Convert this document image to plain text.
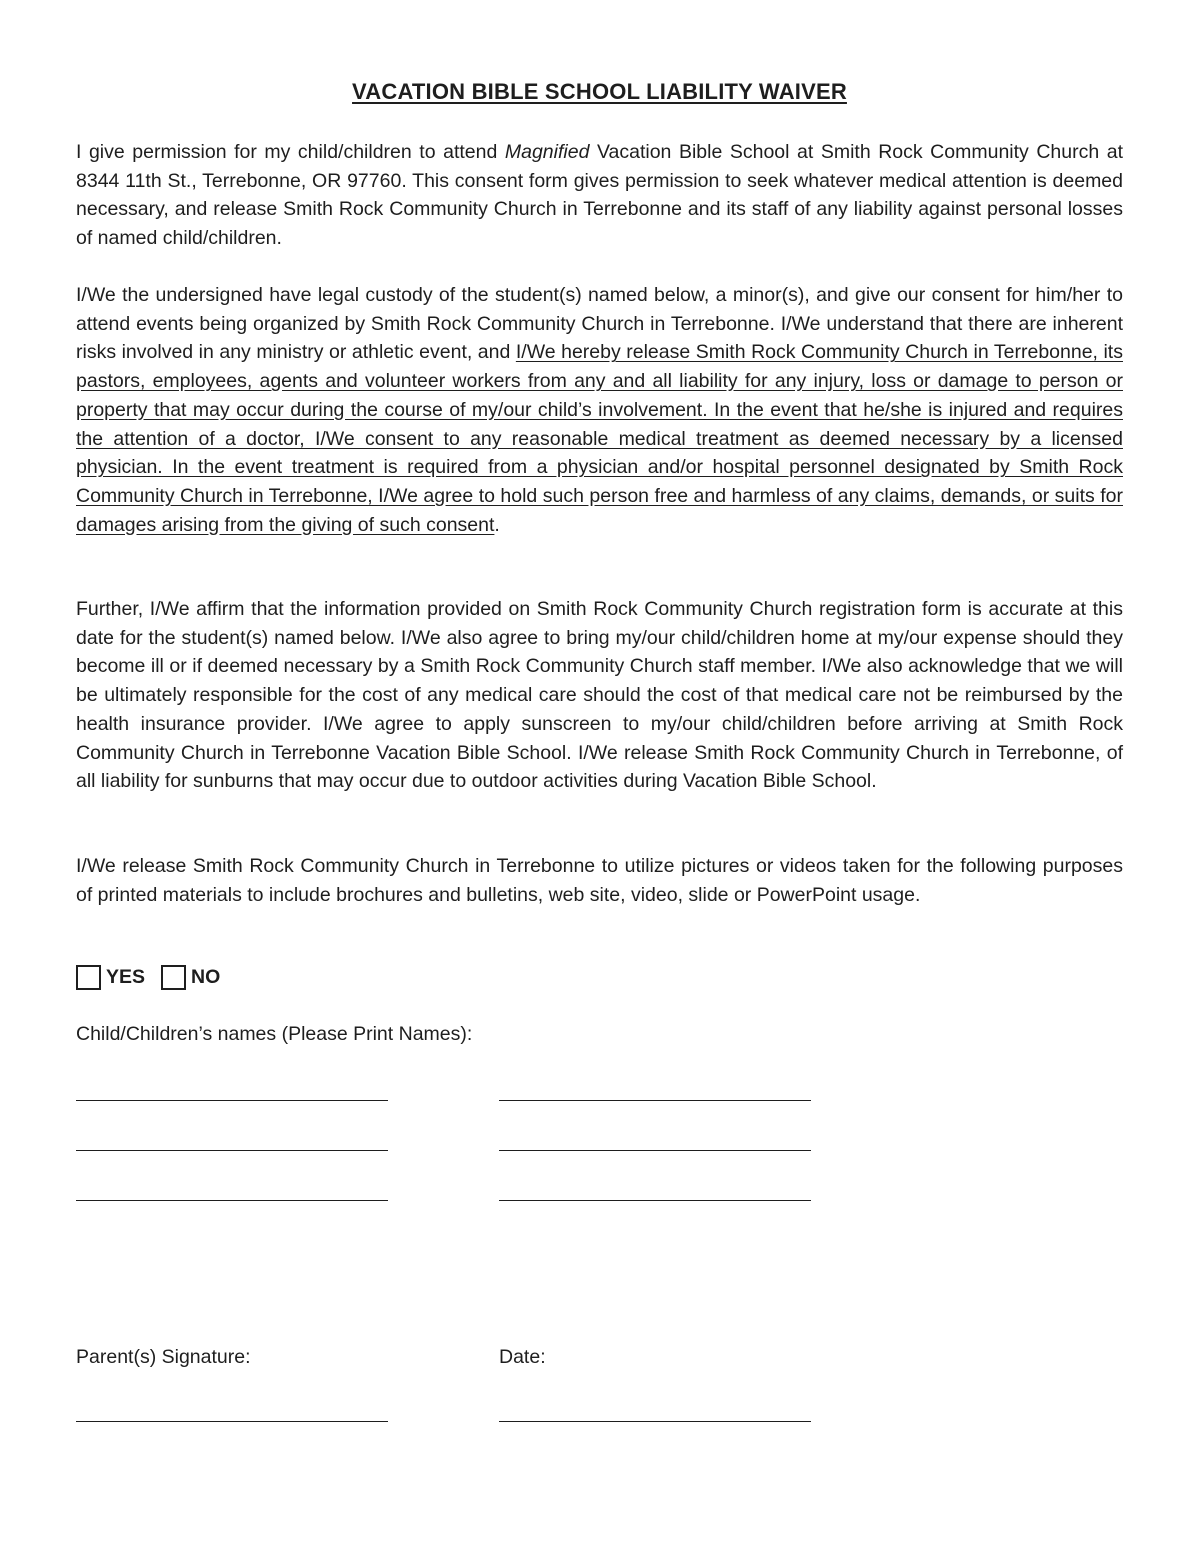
VACATION BIBLE SCHOOL LIABILITY WAIVER

I give permission for my child/children to attend Magnified Vacation Bible School at Smith Rock Community Church at 8344 11th St., Terrebonne, OR 97760. This consent form gives permission to seek whatever medical attention is deemed necessary, and release Smith Rock Community Church in Terrebonne and its staff of any liability against personal losses of named child/children.

I/We the undersigned have legal custody of the student(s) named below, a minor(s), and give our consent for him/her to attend events being organized by Smith Rock Community Church in Terrebonne. I/We understand that there are inherent risks involved in any ministry or athletic event, and I/We hereby release Smith Rock Community Church in Terrebonne, its pastors, employees, agents and volunteer workers from any and all liability for any injury, loss or damage to person or property that may occur during the course of my/our child’s involvement. In the event that he/she is injured and requires the attention of a doctor, I/We consent to any reasonable medical treatment as deemed necessary by a licensed physician. In the event treatment is required from a physician and/or hospital personnel designated by Smith Rock Community Church in Terrebonne, I/We agree to hold such person free and harmless of any claims, demands, or suits for damages arising from the giving of such consent.

Further, I/We affirm that the information provided on Smith Rock Community Church registration form is accurate at this date for the student(s) named below. I/We also agree to bring my/our child/children home at my/our expense should they become ill or if deemed necessary by a Smith Rock Community Church staff member. I/We also acknowledge that we will be ultimately responsible for the cost of any medical care should the cost of that medical care not be reimbursed by the health insurance provider. I/We agree to apply sunscreen to my/our child/children before arriving at Smith Rock Community Church in Terrebonne Vacation Bible School. I/We release Smith Rock Community Church in Terrebonne, of all liability for sunburns that may occur due to outdoor activities during Vacation Bible School.

I/We release Smith Rock Community Church in Terrebonne to utilize pictures or videos taken for the following purposes of printed materials to include brochures and bulletins, web site, video, slide or PowerPoint usage.

YES NO
Child/Children’s names (Please Print Names):
Parent(s) Signature:	Date:
